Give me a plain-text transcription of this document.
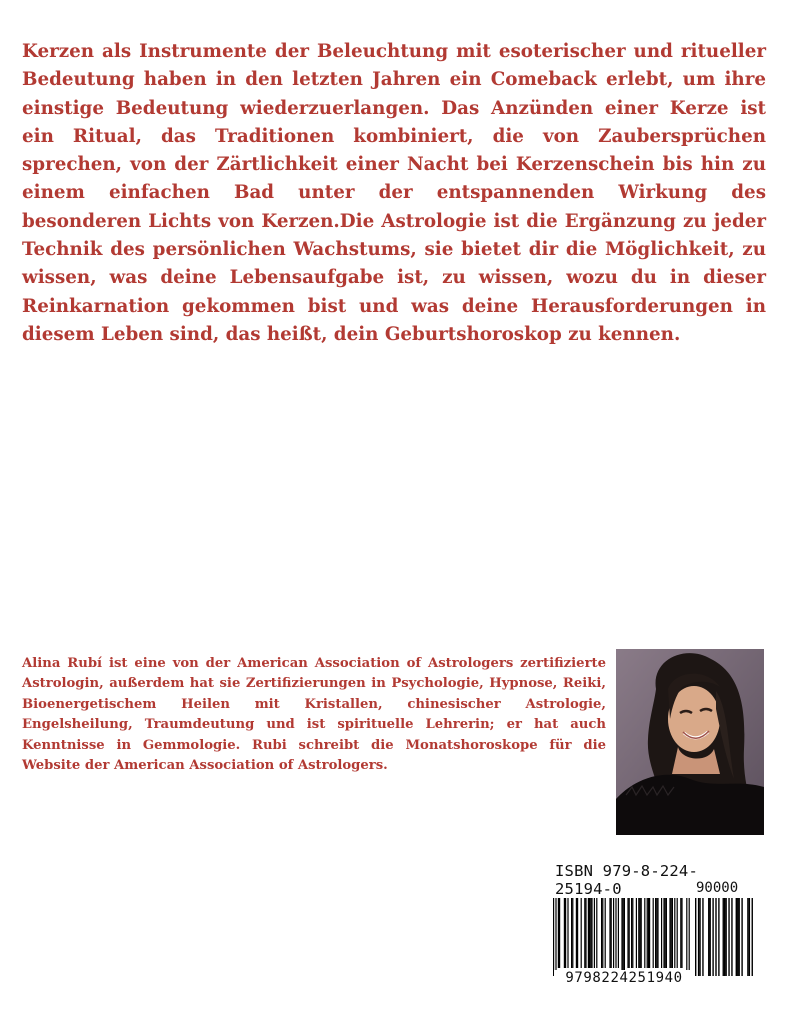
Kerzen als Instrumente der Beleuchtung mit esoterischer und ritueller Bedeutung haben in den letzten Jahren ein Comeback erlebt, um ihre einstige Bedeutung wiederzuerlangen. Das Anzünden einer Kerze ist ein Ritual, das Traditionen kombiniert, die von Zaubersprüchen sprechen, von der Zärtlichkeit einer Nacht bei Kerzenschein bis hin zu einem einfachen Bad unter der entspannenden Wirkung des besonderen Lichts von Kerzen.Die Astrologie ist die Ergänzung zu jeder Technik des persönlichen Wachstums, sie bietet dir die Möglichkeit, zu wissen, was deine Lebensaufgabe ist, zu wissen, wozu du in dieser Reinkarnation gekommen bist und was deine Herausforderungen in diesem Leben sind, das heißt, dein Geburtshoroskop zu kennen.

Alina Rubí ist eine von der American Association of Astrologers zertifizierte Astrologin, außerdem hat sie Zertifizierungen in Psychologie, Hypnose, Reiki, Bioenergetischem Heilen mit Kristallen, chinesischer Astrologie, Engelsheilung, Traumdeutung und ist spirituelle Lehrerin; er hat auch Kenntnisse in Gemmologie. Rubi schreibt die Monatshoroskope für die Website der American Association of Astrologers.

ISBN 979-8-224-25194-0	90000
9798224251940
